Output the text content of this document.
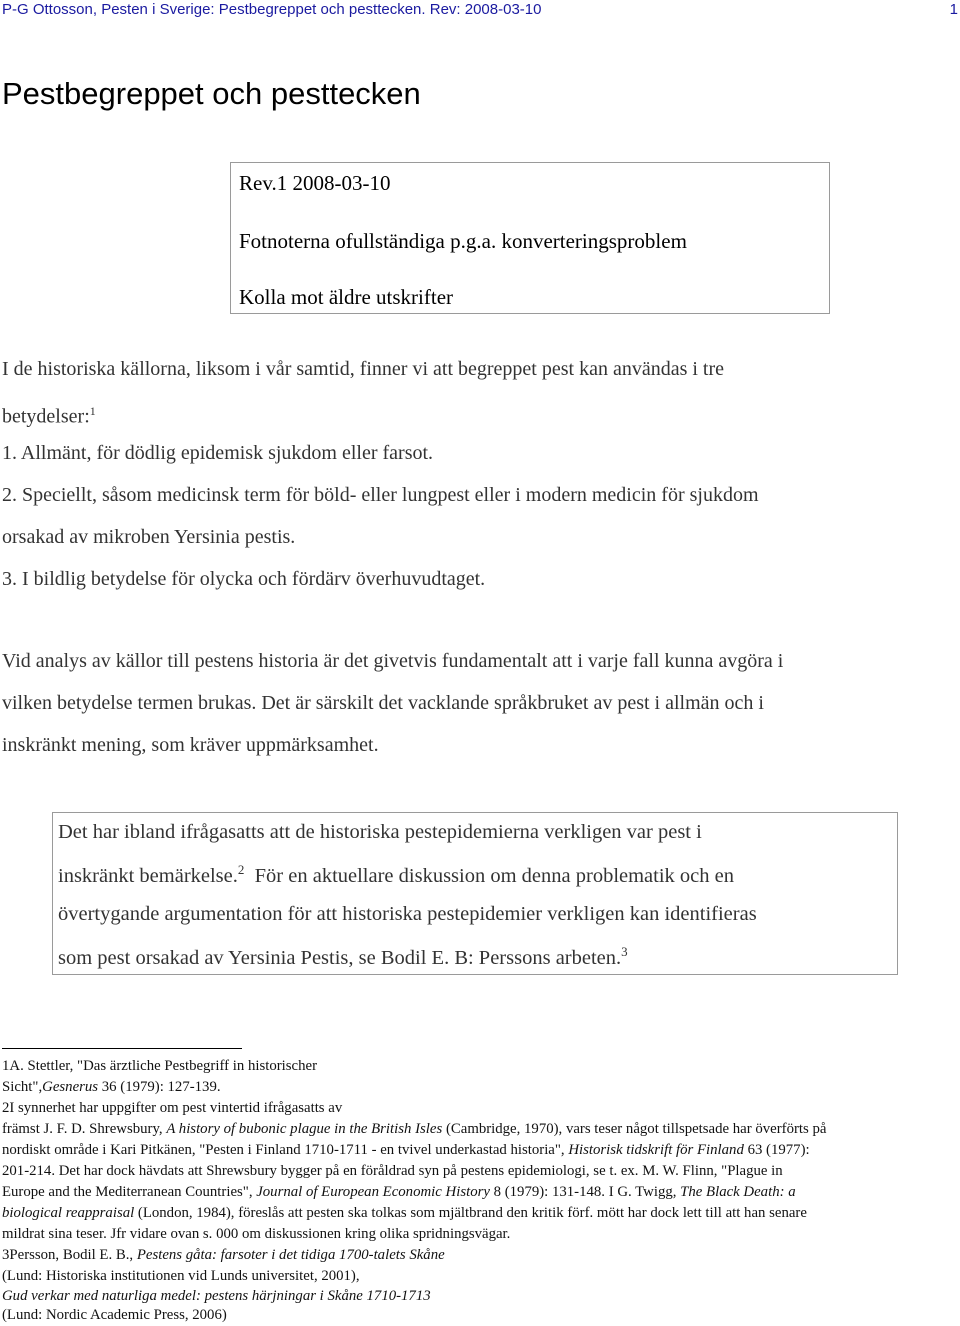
P-G Ottosson, Pesten i Sverige: Pestbegreppet och pesttecken. Rev: 2008-03-10	1
Pestbegreppet och pesttecken
Rev.1 2008-03-10
Fotnoterna ofullständiga p.g.a. konverteringsproblem
Kolla mot äldre utskrifter
I de historiska källorna, liksom i vår samtid, finner vi att begreppet pest kan användas i tre
betydelser:$^1$
1. Allmänt, för dödlig epidemisk sjukdom eller farsot.
2. Speciellt, såsom medicinsk term för böld- eller lungpest eller i modern medicin för sjukdom
orsakad av mikroben Yersinia pestis.
3. I bildlig betydelse för olycka och fördärv överhuvudtaget.
Vid analys av källor till pestens historia är det givetvis fundamentalt att i varje fall kunna avgöra i
vilken betydelse termen brukas. Det är särskilt det vacklande språkbruket av pest i allmän och i
inskränkt mening, som kräver uppmärksamhet.
Det har ibland ifrågasatts att de historiska pestepidemierna verkligen var pest i
inskränkt bemärkelse.$^2$ För en aktuellare diskussion om denna problematik och en
övertygande argumentation för att historiska pestepidemier verkligen kan identifieras
som pest orsakad av Yersinia Pestis, se Bodil E. B: Perssons arbeten.$^3$
1A. Stettler, "Das ärztliche Pestbegriff in historischer
Sicht",Gesnerus 36 (1979): 127-139.
2I synnerhet har uppgifter om pest vintertid ifrågasatts av
främst J. F. D. Shrewsbury, A history of bubonic plague in the British Isles (Cambridge, 1970), vars teser något tillspetsade har överförts på
nordiskt område i Kari Pitkänen, "Pesten i Finland 1710-1711 - en tvivel underkastad historia", Historisk tidskrift för Finland 63 (1977):
201-214. Det har dock hävdats att Shrewsbury bygger på en föråldrad syn på pestens epidemiologi, se t. ex. M. W. Flinn, "Plague in
Europe and the Mediterranean Countries", Journal of European Economic History 8 (1979): 131-148. I G. Twigg, The Black Death: a
biological reappraisal (London, 1984), föreslås att pesten ska tolkas som mjältbrand den kritik förf. mött har dock lett till att han senare
mildrat sina teser. Jfr vidare ovan s. 000 om diskussionen kring olika spridningsvägar.
3Persson, Bodil E. B., Pestens gåta: farsoter i det tidiga 1700-talets Skåne
(Lund: Historiska institutionen vid Lunds universitet, 2001),
Gud verkar med naturliga medel: pestens härjningar i Skåne 1710-1713
(Lund: Nordic Academic Press, 2006)
